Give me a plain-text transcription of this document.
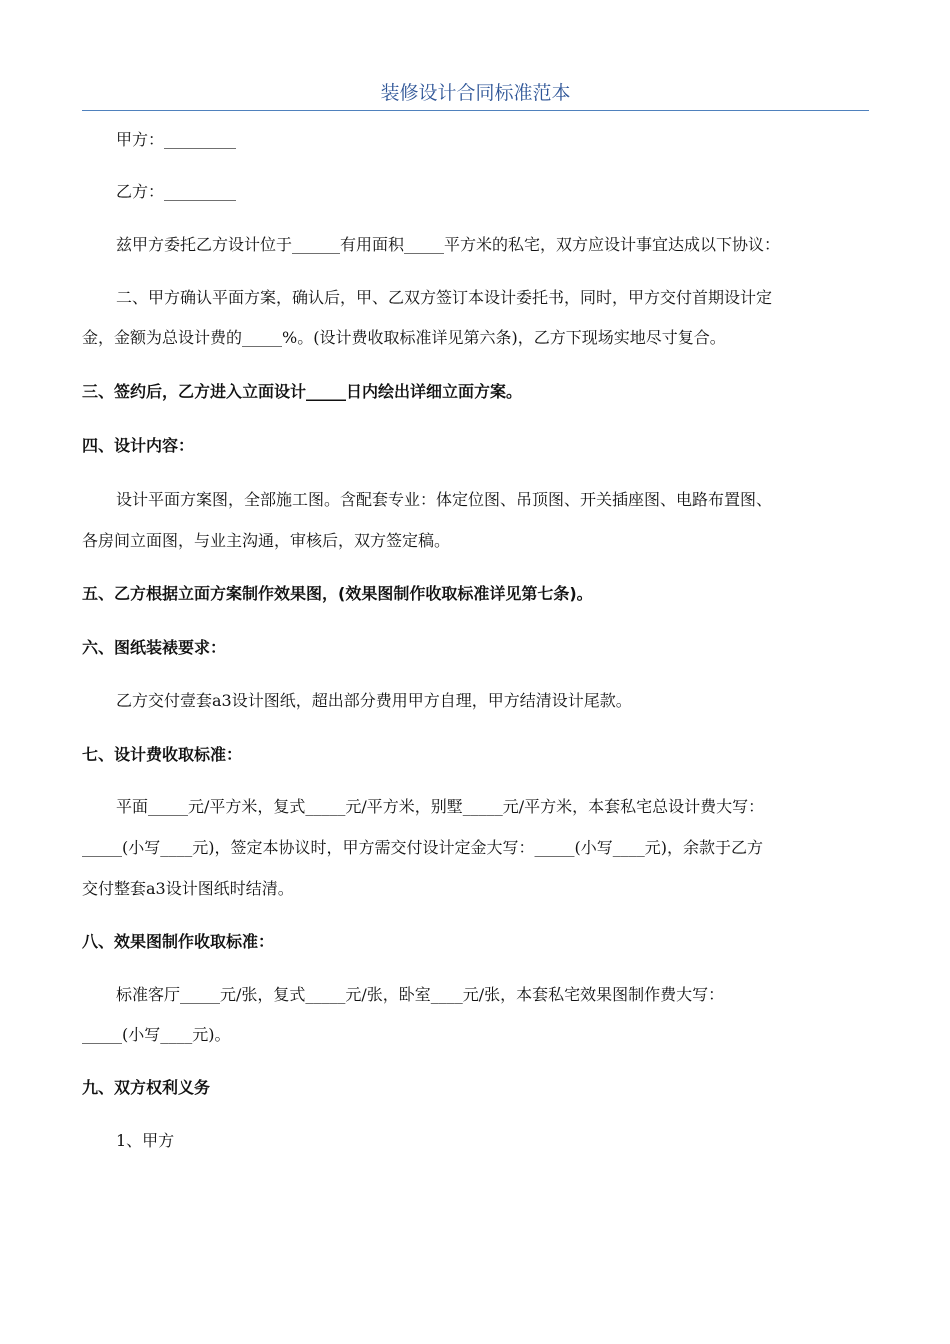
装修设计合同标准范本
甲方：_________
乙方：_________
兹甲方委托乙方设计位于______有用面积_____平方米的私宅，双方应设计事宜达成以下协议：
二、甲方确认平面方案，确认后，甲、乙双方签订本设计委托书，同时，甲方交付首期设计定
金，金额为总设计费的_____%。(设计费收取标准详见第六条)，乙方下现场实地尽寸复合。
三、签约后，乙方进入立面设计_____日内绘出详细立面方案。
四、设计内容：
设计平面方案图，全部施工图。含配套专业：体定位图、吊顶图、开关插座图、电路布置图、
各房间立面图，与业主沟通，审核后，双方签定稿。
五、乙方根据立面方案制作效果图，(效果图制作收取标准详见第七条)。
六、图纸装裱要求：
乙方交付壹套a3设计图纸，超出部分费用甲方自理，甲方结清设计尾款。
七、设计费收取标准：
平面_____元/平方米，复式_____元/平方米，别墅_____元/平方米，本套私宅总设计费大写：
_____(小写____元)，签定本协议时，甲方需交付设计定金大写：_____(小写____元)，余款于乙方
交付整套a3设计图纸时结清。
八、效果图制作收取标准：
标准客厅_____元/张，复式_____元/张，卧室____元/张，本套私宅效果图制作费大写：
_____(小写____元)。
九、双方权利义务
1、甲方
